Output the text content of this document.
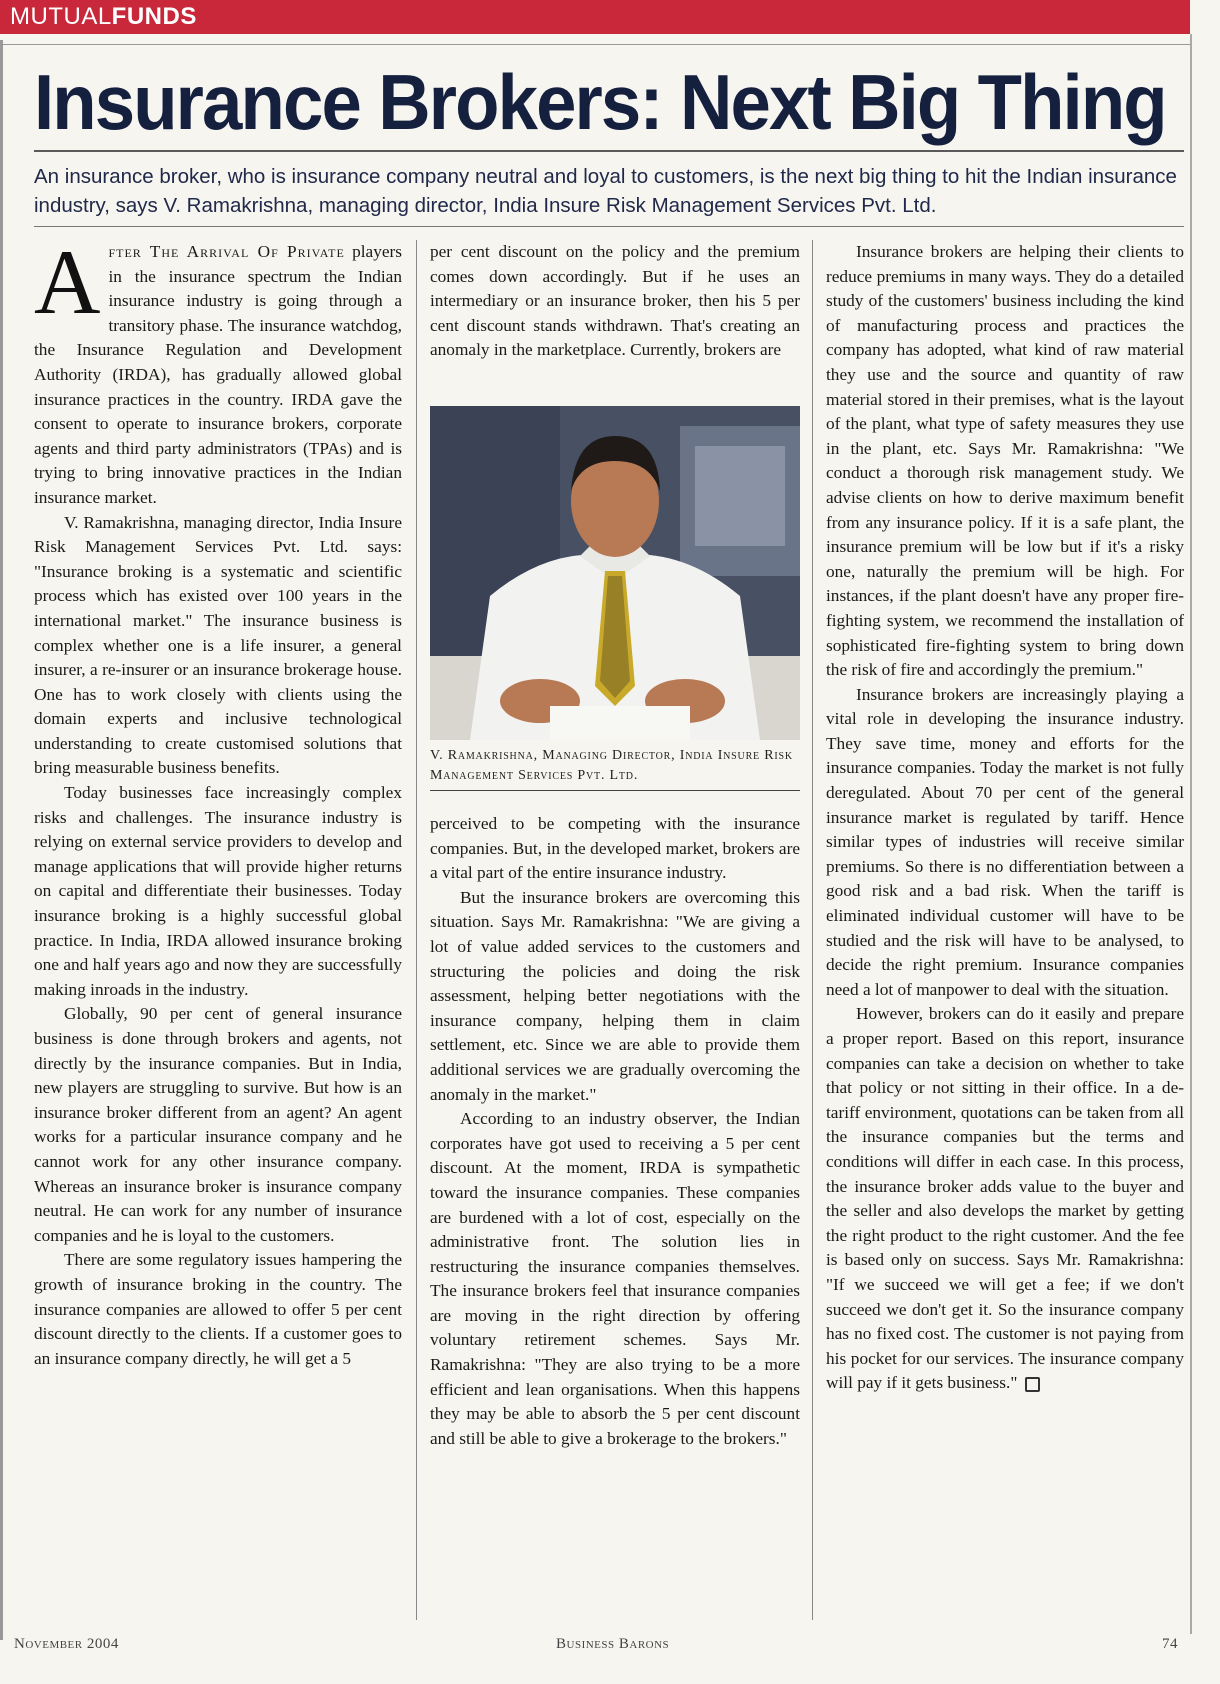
MUTUALFUNDS
Insurance Brokers: Next Big Thing
An insurance broker, who is insurance company neutral and loyal to customers, is the next big thing to hit the Indian insurance industry, says V. Ramakrishna, managing director, India Insure Risk Management Services Pvt. Ltd.

After The Arrival Of Private players in the insurance spectrum the Indian insurance industry is going through a transitory phase. The insurance watchdog, the Insurance Regulation and Development Authority (IRDA), has gradually allowed global insurance practices in the country. IRDA gave the consent to operate to insurance brokers, corporate agents and third party administrators (TPAs) and is trying to bring innovative practices in the Indian insurance market.

V. Ramakrishna, managing director, India Insure Risk Management Services Pvt. Ltd. says: "Insurance broking is a systematic and scientific process which has existed over 100 years in the international market." The insurance business is complex whether one is a life insurer, a general insurer, a re-insurer or an insurance brokerage house. One has to work closely with clients using the domain experts and inclusive technological understanding to create customised solutions that bring measurable business benefits.

Today businesses face increasingly complex risks and challenges. The insurance industry is relying on external service providers to develop and manage applications that will provide higher returns on capital and differentiate their businesses. Today insurance broking is a highly successful global practice. In India, IRDA allowed insurance broking one and half years ago and now they are successfully making inroads in the industry.

Globally, 90 per cent of general insurance business is done through brokers and agents, not directly by the insurance companies. But in India, new players are struggling to survive. But how is an insurance broker different from an agent? An agent works for a particular insurance company and he cannot work for any other insurance company. Whereas an insurance broker is insurance company neutral. He can work for any number of insurance companies and he is loyal to the customers.

There are some regulatory issues hampering the growth of insurance broking in the country. The insurance companies are allowed to offer 5 per cent discount directly to the clients. If a customer goes to an insurance company directly, he will get a 5

per cent discount on the policy and the premium comes down accordingly. But if he uses an intermediary or an insurance broker, then his 5 per cent discount stands withdrawn. That's creating an anomaly in the marketplace. Currently, brokers are

V. Ramakrishna, Managing Director, India Insure Risk Management Services Pvt. Ltd.

perceived to be competing with the insurance companies. But, in the developed market, brokers are a vital part of the entire insurance industry.

But the insurance brokers are overcoming this situation. Says Mr. Ramakrishna: "We are giving a lot of value added services to the customers and structuring the policies and doing the risk assessment, helping better negotiations with the insurance company, helping them in claim settlement, etc. Since we are able to provide them additional services we are gradually overcoming the anomaly in the market."

According to an industry observer, the Indian corporates have got used to receiving a 5 per cent discount. At the moment, IRDA is sympathetic toward the insurance companies. These companies are burdened with a lot of cost, especially on the administrative front. The solution lies in restructuring the insurance companies themselves. The insurance brokers feel that insurance companies are moving in the right direction by offering voluntary retirement schemes. Says Mr. Ramakrishna: "They are also trying to be a more efficient and lean organisations. When this happens they may be able to absorb the 5 per cent discount and still be able to give a brokerage to the brokers."

Insurance brokers are helping their clients to reduce premiums in many ways. They do a detailed study of the customers' business including the kind of manufacturing process and practices the company has adopted, what kind of raw material they use and the source and quantity of raw material stored in their premises, what is the layout of the plant, what type of safety measures they use in the plant, etc. Says Mr. Ramakrishna: "We conduct a thorough risk management study. We advise clients on how to derive maximum benefit from any insurance policy. If it is a safe plant, the insurance premium will be low but if it's a risky one, naturally the premium will be high. For instances, if the plant doesn't have any proper fire-fighting system, we recommend the installation of sophisticated fire-fighting system to bring down the risk of fire and accordingly the premium."

Insurance brokers are increasingly playing a vital role in developing the insurance industry. They save time, money and efforts for the insurance companies. Today the market is not fully deregulated. About 70 per cent of the general insurance market is regulated by tariff. Hence similar types of industries will receive similar premiums. So there is no differentiation between a good risk and a bad risk. When the tariff is eliminated individual customer will have to be studied and the risk will have to be analysed, to decide the right premium. Insurance companies need a lot of manpower to deal with the situation.

However, brokers can do it easily and prepare a proper report. Based on this report, insurance companies can take a decision on whether to take that policy or not sitting in their office. In a de-tariff environment, quotations can be taken from all the insurance companies but the terms and conditions will differ in each case. In this process, the insurance broker adds value to the buyer and the seller and also develops the market by getting the right product to the right customer. And the fee is based only on success. Says Mr. Ramakrishna: "If we succeed we will get a fee; if we don't succeed we don't get it. So the insurance company has no fixed cost. The customer is not paying from his pocket for our services. The insurance company will pay if it gets business."

November 2004	Business Barons	74
